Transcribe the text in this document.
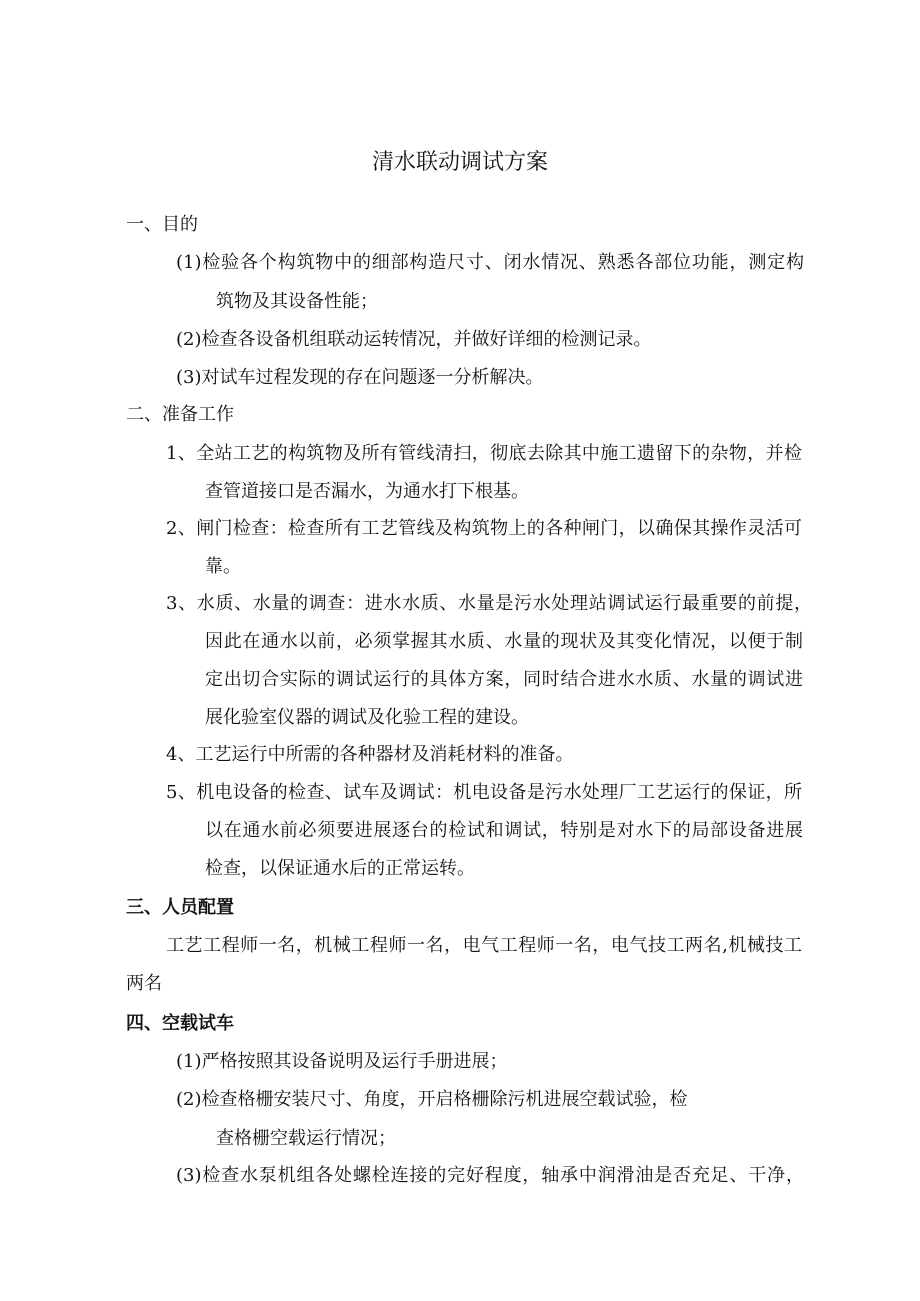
清水联动调试方案
一、目的
(1)检验各个构筑物中的细部构造尺寸、闭水情况、熟悉各部位功能，测定构
筑物及其设备性能；
(2)检查各设备机组联动运转情况，并做好详细的检测记录。
(3)对试车过程发现的存在问题逐一分析解决。
二、准备工作
1、全站工艺的构筑物及所有管线清扫，彻底去除其中施工遗留下的杂物，并检
查管道接口是否漏水，为通水打下根基。
2、闸门检查：检查所有工艺管线及构筑物上的各种闸门，以确保其操作灵活可
靠。
3、水质、水量的调查：进水水质、水量是污水处理站调试运行最重要的前提，
因此在通水以前，必须掌握其水质、水量的现状及其变化情况，以便于制
定出切合实际的调试运行的具体方案，同时结合进水水质、水量的调试进
展化验室仪器的调试及化验工程的建设。
4、工艺运行中所需的各种器材及消耗材料的准备。
5、机电设备的检查、试车及调试：机电设备是污水处理厂工艺运行的保证，所
以在通水前必须要进展逐台的检试和调试，特别是对水下的局部设备进展
检查，以保证通水后的正常运转。
三、人员配置
工艺工程师一名，机械工程师一名，电气工程师一名，电气技工两名,机械技工
两名
四、空载试车
(1)严格按照其设备说明及运行手册进展；
(2)检查格栅安装尺寸、角度，开启格栅除污机进展空载试验，检
查格栅空载运行情况；
(3)检查水泵机组各处螺栓连接的完好程度，轴承中润滑油是否充足、干净，
